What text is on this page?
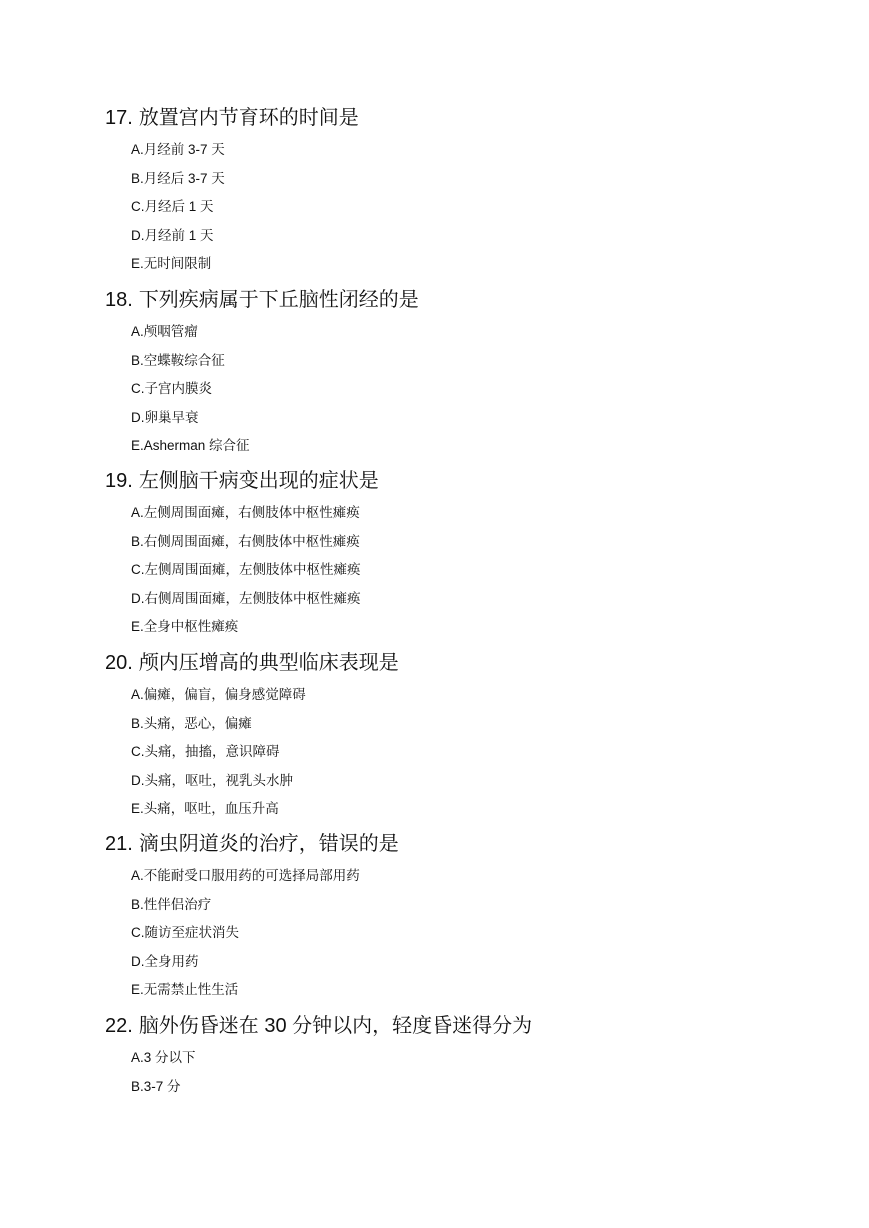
17. 放置宫内节育环的时间是
A.月经前 3-7 天
B.月经后 3-7 天
C.月经后 1 天
D.月经前 1 天
E.无时间限制
18. 下列疾病属于下丘脑性闭经的是
A.颅咽管瘤
B.空蝶鞍综合征
C.子宫内膜炎
D.卵巢早衰
E.Asherman 综合征
19. 左侧脑干病变出现的症状是
A.左侧周围面瘫，右侧肢体中枢性瘫痪
B.右侧周围面瘫，右侧肢体中枢性瘫痪
C.左侧周围面瘫，左侧肢体中枢性瘫痪
D.右侧周围面瘫，左侧肢体中枢性瘫痪
E.全身中枢性瘫痪
20. 颅内压增高的典型临床表现是
A.偏瘫，偏盲，偏身感觉障碍
B.头痛，恶心，偏瘫
C.头痛，抽搐，意识障碍
D.头痛，呕吐，视乳头水肿
E.头痛，呕吐，血压升高
21. 滴虫阴道炎的治疗，错误的是
A.不能耐受口服用药的可选择局部用药
B.性伴侣治疗
C.随访至症状消失
D.全身用药
E.无需禁止性生活
22. 脑外伤昏迷在 30 分钟以内，轻度昏迷得分为
A.3 分以下
B.3-7 分
